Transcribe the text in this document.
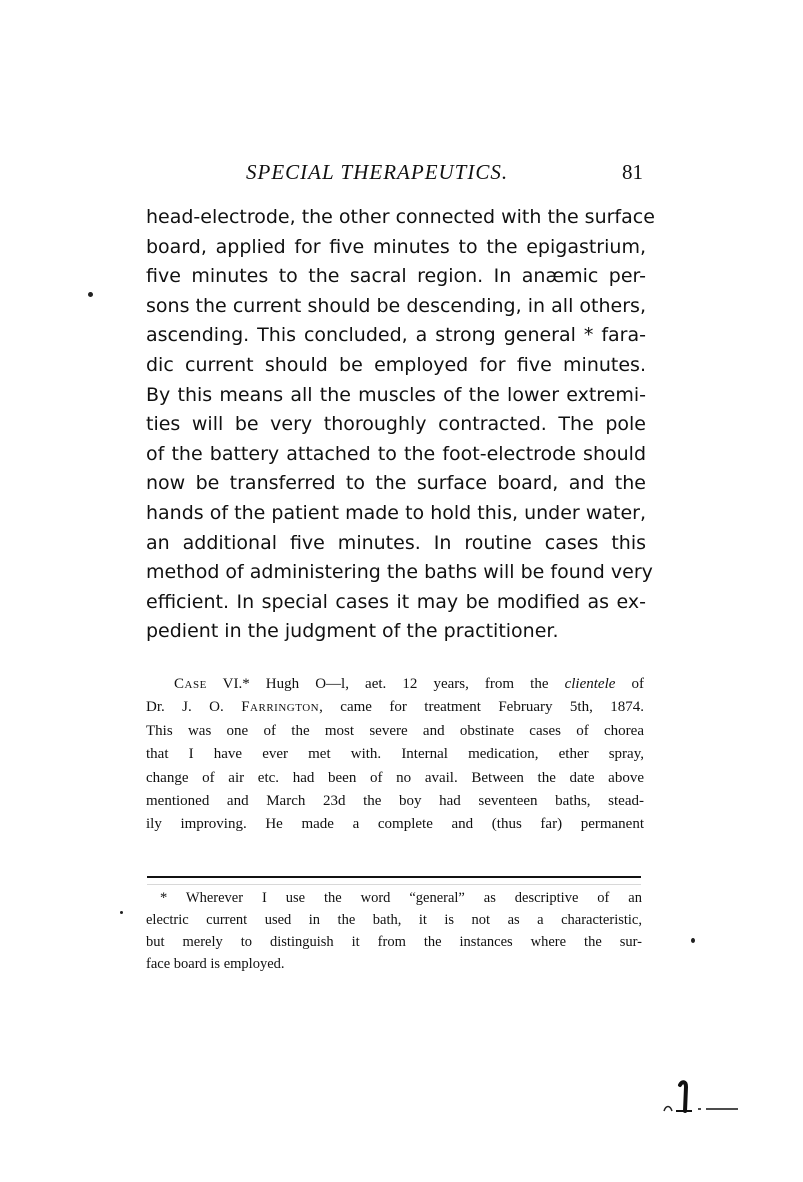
SPECIAL THERAPEUTICS.	81
head-electrode, the other connected with the surface
board, applied for five minutes to the epigastrium,
five minutes to the sacral region. In anæmic per-
sons the current should be descending, in all others,
ascending. This concluded, a strong general * fara-
dic current should be employed for five minutes.
By this means all the muscles of the lower extremi-
ties will be very thoroughly contracted. The pole
of the battery attached to the foot-electrode should
now be transferred to the surface board, and the
hands of the patient made to hold this, under water,
an additional five minutes. In routine cases this
method of administering the baths will be found very
efficient. In special cases it may be modified as ex-
pedient in the judgment of the practitioner.
Case VI.* Hugh O—l, aet. 12 years, from the clientele of
Dr. J. O. Farrington, came for treatment February 5th, 1874.
This was one of the most severe and obstinate cases of chorea
that I have ever met with. Internal medication, ether spray,
change of air etc. had been of no avail. Between the date above
mentioned and March 23d the boy had seventeen baths, stead-
ily improving. He made a complete and (thus far) permanent
* Wherever I use the word “general” as descriptive of an
electric current used in the bath, it is not as a characteristic,
but merely to distinguish it from the instances where the sur-
face board is employed.
